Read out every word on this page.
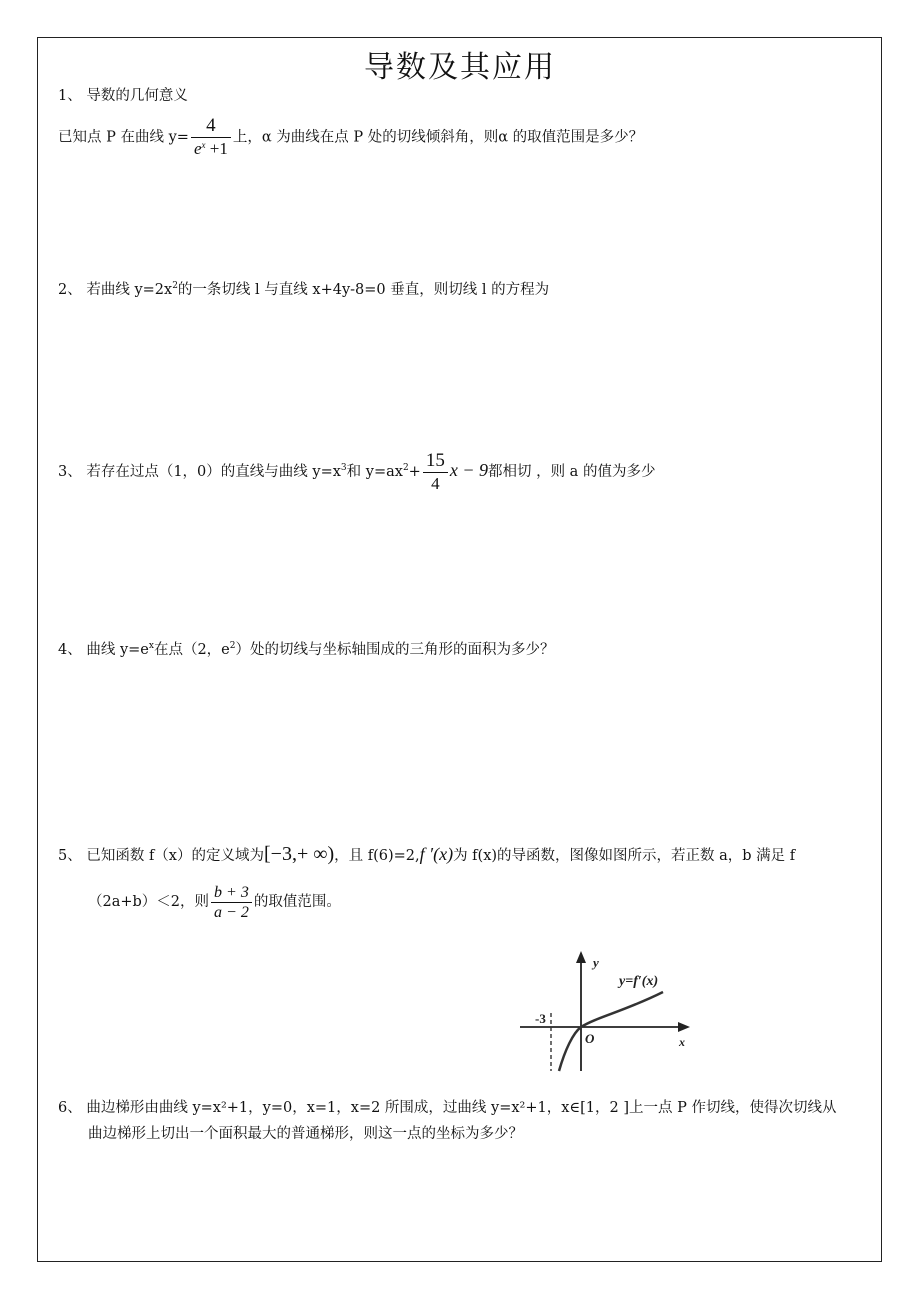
导数及其应用
1、 导数的几何意义
已知点 P 在曲线 $y= \frac{4}{e^x +1}$ 上，α 为曲线在点 P 处的切线倾斜角，则α 的取值范围是多少？
2、 若曲线 $y=2x^2$的一条切线 l 与直线 x+4y-8=0 垂直，则切线 l 的方程为
3、 若存在过点（1，0）的直线与曲线 $y=x^3$和 $y=ax^2+ \frac{15}{4}$ x − 9都相切 ，则 a 的值为多少
4、 曲线 $y=e^x$在点（2，$e^2$）处的切线与坐标轴围成的三角形的面积为多少？
5、 已知函数 f（x）的定义域为[−3,+ ∞)，且 f(6)=2,f ′(x)为 f(x)的导函数，图像如图所示，若正数 a，b 满足 f
（2a+b）＜2，则 $\frac{b + 3}{a - 2}$ 的取值范围。
y
x
O
-3
y=f′(x)
6、 曲边梯形由曲线 y=x²+1，y=0，x=1，x=2 所围成，过曲线 y=x²+1，x∈[1，2 ]上一点 P 作切线，使得次切线从
曲边梯形上切出一个面积最大的普通梯形，则这一点的坐标为多少？
